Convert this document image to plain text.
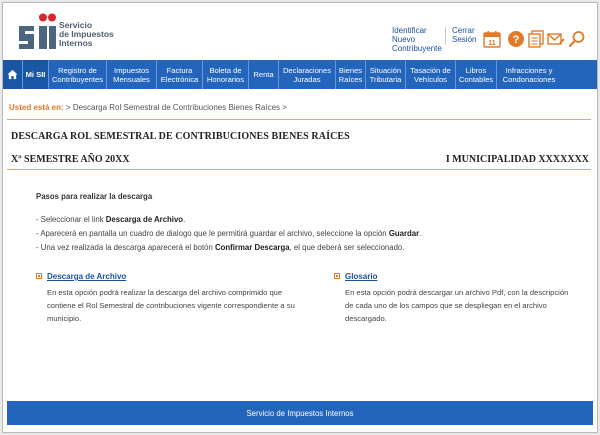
Servicio
de Impuestos
Internos
Identificar Nuevo
Contribuyente
Cerrar
Sesión 11 ?
Mi SII	Registro de
Contribuyentes
Impuestos
Mensuales
Factura
Electrónica
Boleta de
Honorarios Renta Declaraciones
Juradas
Bienes
Raíces
Situación
Tributaria
Tasación de
Vehículos
Libros
Contables
Infracciones y
Condonaciones
Usted está en: > Descarga Rol Semestral de Contribuciones Bienes Raíces >
DESCARGA ROL SEMESTRAL DE CONTRIBUCIONES BIENES RAÍCES
Xº SEMESTRE AÑO 20XX	I MUNICIPALIDAD XXXXXXX
Pasos para realizar la descarga
- Seleccionar el link Descarga de Archivo.
- Aparecerá en pantalla un cuadro de dialogo que le permitirá guardar el archivo, seleccione la opción Guardar.
- Una vez realizada la descarga aparecerá el botón Confirmar Descarga, el que deberá ser seleccionado.
Descarga de Archivo
En esta opción podrá realizar la descarga del archivo comprimido que contiene el Rol Semestral de contribuciones vigente correspondiente a su municipio.
Glosario
En esta opción podrá descargar un archivo Pdf, con la descripción de cada uno de los campos que se despliegan en el archivo descargado.
Servicio de Impuestos Internos
